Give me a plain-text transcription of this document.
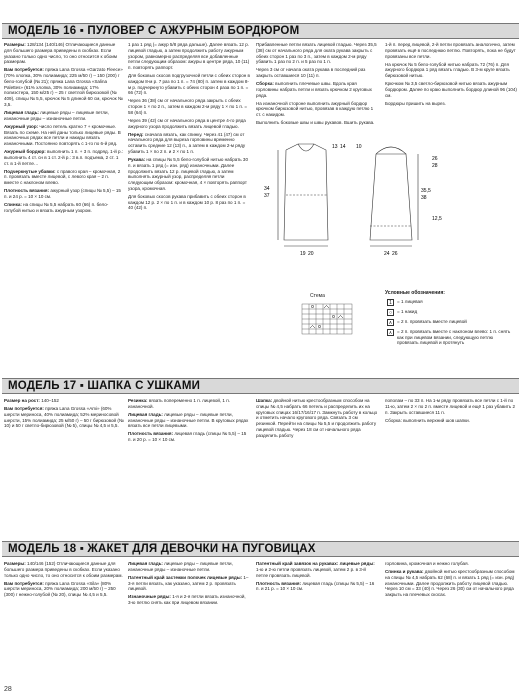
МОДЕЛЬ 16 ▪ ПУЛОВЕР С АЖУРНЫМ БОРДЮРОМ

Размеры: 128/134 (140/146) Отличающиеся данные для большего размера приведены в скобках. Если указано только одно число, то оно относится к обоим размерам.

Вам потребуется: пряжа Lana Grossa «Garzato Fleece» (70% хлопка, 30% полиамида; 225 м/50 г) – 150 (200) г бело-голубой (№ 21); пряжа Lana Grossa «Salina Palettes» (61% хлопка, 30% полиамида; 17% полиэстера, 150 м/25 г) – 25 г светлой бирюзовой (№ 409), спицы № 5,5, крючок № 5 длиной 60 см, крючок № 3,5.

Лицевая гладь: лицевые ряды – лицевые петли, изнаночные ряды – изнаночные петли.

Ажурный узор: число петель кратно 7 + кромочные. Вязать по схеме. На ней даны только лицевые ряды. В изнаночных рядах все петли и накиды вязать изнаночными. Постоянно повторять с 1-го по 6-й ряд.

Ажурный бордюр: выполнить 1 п. + 3 п. подряд. 1-й р.: выполнить 4 ст. сн в 1 ст. 2-й р.: 3 в.п. подъема, 2 ст. 1 ст. в 1-й петле…

Подчеркнутые убавки: с правого края – кромочная, 2 п. провязать вместе лицевой, с левого края – 2 п. вместе с наклоном влево.

Плотность вязания: ажурный узор (спицы № 5,5) – 15 п. и 24 р. = 10 × 10 см.

Спинка: на спицы № 5,5 набрать 60 (66) п. бело-голубой нитью и вязать ажурным узором.

1 раз 1 ряд (= ажур 5/8 ряда дальше). Далее вязать 12 р. лицевой гладью, а затем продолжить работу ажурным узором, равномерно распределяя все добавленные петли следующим образом: ажуры в центре ряда, 10 (11) п. повторять раппорт.

Для боковых скосов подгрузочной петли с обеих сторон в каждом 8-м р. 7 раз по 1 п. = 74 (80) п. затем в каждом 8-м р. подчеркнуто убавить с обеих сторон 4 раза по 1 п. = 66 (72) п.

Через 36 (38) см от начального ряда закрыть с обеих сторон 1 × по 2 п., затем в каждом 2-м ряду 1 × по 1 п. = 58 (64) п.

Через 39 (42) см от начального ряда в центре 4-го ряда ажурного узора продолжить вязать лицевой гладью.

Перед: сначала вязать, как спинку. Через 41 (47) см от начального ряда для выреза горловины временно оставить средние 12 (13) п., а затем в каждом 2-м ряду убавить 1 × по 2 п. и 2 × по 1 п.

Рукава: на спицы № 5,5 бело-голубой нитью набрать 30 п. и вязать 1 ряд (= изн. ряд) изнаночными. Далее продолжить вязать 12 р. лицевой гладью, а затем выполнять ажурный узор, распределяя петли следующим образом: кромочная, 4 × повторять раппорт узора, кромочная.

Для боковых скосов рукава прибавить с обеих сторон в каждом 12 р. 2 × по 1 п. и в каждом 10 р. 8 раз по 1 п. = 40 (42) п.

Прибавленные петли вязать лицевой гладью. Через 35,5 (38) см от начального ряда для оката рукава закрыть с обеих сторон 1 раз по 3 п., затем в каждом 2-м ряду убавить 1 раз по 2 п. и 5 раз по 1 п.

Через 3 см от начала оката рукава в последний раз закрыть оставшиеся 10 (11) п.

Сборка: выполнить плечевые швы. Вдоль края горловины набрать петли и вязать крючком 2 круговых ряда.

На изнаночной стороне выполнить ажурный бордюр крючком бирюзовой нитью, провязав в каждую петлю 1 ст. с накидом.

Выполнить боковые швы и швы рукавов. Вшить рукава.

1-й п. перед лицевой, 2-й петли провязать аналогично, затем провязать ещё в последнюю петлю. Повторять, пока не будут провязаны все петли.

На крючок № 5 бело-голубой нитью набрать 72 (76) п. Для ажурного бордюра 1 ряд вязать гладью. В 3-м круге вязать бирюзовой нитью.

Крючком № 3,5 светло-бирюзовой нитью вязать ажурным бордюром. Далее по краю выполнить бордюр длиной 96 (104) см.

Бордюры пришить на вырез.

34
37
19 20
35,5
38
24 26
13 14 10
26
28
12,5
Стема	Условные обозначения:
1	= 1 лицевая
○	= 1 накид
∧	= 2 п. провязать вместе лицевой
⋏	= 2 п. провязать вместе с наклоном влево: 1 п. снять как при лицевом вязании, следующую петлю провязать лицевой и протянуть
МОДЕЛЬ 17 ▪ ШАПКА С УШКАМИ

Размер на рост: 140–152

Вам потребуется: пряжа Lana Grossa «Ami» (60% шерсти мериноса, 40% полиамида; 52% мериносовой шерсти, 15% полиамида; 25 м/50 г) – 50 г бирюзовой (№ 10) и 50 г светло-бирюзовой (№ 5), спицы № 4,5 и 5,5.

Резинка: вязать попеременно 1 п. лицевой, 1 п. изнаночной.

Лицевая гладь: лицевые ряды – лицевые петли, изнаночные ряды – изнаночные петли. В круговых рядах вязать все петли лицевыми.

Плотность вязания: лицевая гладь (спицы № 5,5) – 15 п. и 20 р. = 10 × 10 см.

Шапка: двойной нитью крестообразным способом на спицы № 4,5 набрать 66 петель и распределить их на круговых спицах 16/17/16/17 п. Замкнуть работу в кольцо и отметить начало кругового ряда. Связать 3 см резинкой. Перейти на спицы № 5,5 и продолжить работу лицевой гладью. Через 18 см от начального ряда разделить работу

пополам – по 33 п. На 1-м ряду провязать все петли с 1-й по 11-ю, затем 2 × по 2 п. вместе лицевой и ещё 1 раз убавить 2 п. Закрыть оставшиеся 11 п.

Сборка: выполнить верхний шов шапки.

МОДЕЛЬ 18 ▪ ЖАКЕТ ДЛЯ ДЕВОЧКИ НА ПУГОВИЦАХ

Размеры: 140/146 (152) Отличающиеся данные для большего размера приведены в скобках. Если указано только одно число, то оно относится к обоим размерам.

Вам потребуется: пряжа Lana Grossa «Sila» (80% шерсти мериноса, 20% полиамида; 200 м/50 г) – 250 (300) г нежно-голубой (№ 20), спицы № 4,5 и 5,5.

Лицевая гладь: лицевые ряды – лицевые петли, изнаночные ряды – изнаночные петли.

Патентный край застежки полочек лицевые ряды: 1–3-я петли вязать, как указано, затем 2 р. провязать лицевой.

Изнаночные ряды: 1-я и 2-я петли вязать изнаночной, 3-ю петлю снять как при лицевом вязании.

Патентный край завязок на рукавах: лицевые ряды: 1-ю и 2-ю петли провязать лицевой, затем 2 р. в 3-й петле провязать лицевой.

Плотность вязания: лицевая гладь (спицы № 5,5) – 16 п. и 21 р. = 10 × 10 см.

горловина, кромочная и нежно голубая.

Спинка и рукава: двойной нитью крестообразным способом на спицы № 4,5 набрать 62 (68) п. и вязать 1 ряд (= изн. ряд) изнаночными. Далее продолжить работу лицевой гладью. Через 10 см = 33 (40) п. Через 26 (30) см от начального ряда закрыть на плечевых скосах.

28
